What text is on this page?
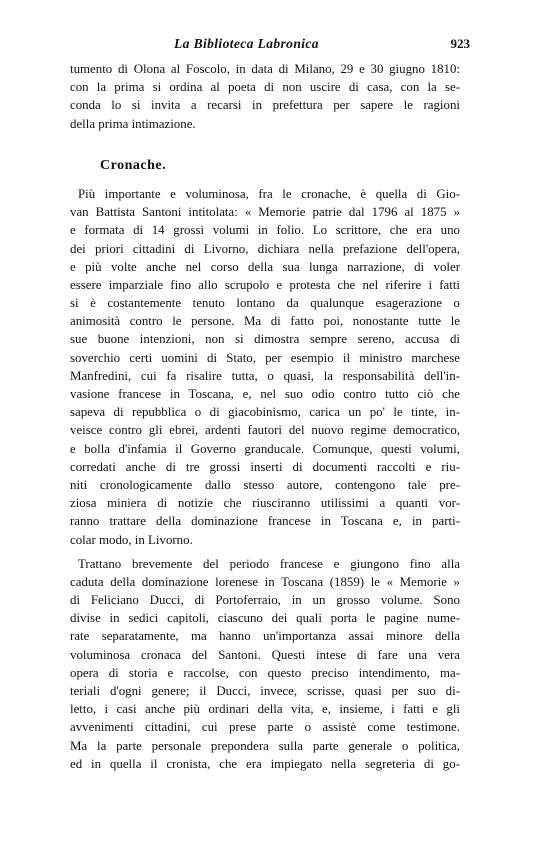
La Biblioteca Labronica	923
tumento di Olona al Foscolo, in data di Milano, 29 e 30 giugno 1810:
con la prima si ordina al poeta di non uscire di casa, con la se-
conda lo si invita a recarsi in prefettura per sapere le ragioni
della prima intimazione.
Cronache.
Più importante e voluminosa, fra le cronache, è quella di Gio-
van Battista Santoni intitolata: « Memorie patrie dal 1796 al 1875 »
e formata di 14 grossi volumi in folio. Lo scrittore, che era uno
dei priori cittadini di Livorno, dichiara nella prefazione dell'opera,
e più volte anche nel corso della sua lunga narrazione, di voler
essere imparziale fino allo scrupolo e protesta che nel riferire i fatti
si è costantemente tenuto lontano da qualunque esagerazione o
animosità contro le persone. Ma di fatto poi, nonostante tutte le
sue buone intenzioni, non si dimostra sempre sereno, accusa di
soverchio certi uomini di Stato, per esempio il ministro marchese
Manfredini, cui fa risalire tutta, o quasi, la responsabilità dell'in-
vasione francese in Toscana, e, nel suo odio contro tutto ciò che
sapeva di repubblica o di giacobinismo, carica un po' le tinte, in-
veisce contro gli ebrei, ardenti fautori del nuovo regime democratico,
e bolla d'infamia il Governo granducale. Comunque, questi volumi,
corredati anche di tre grossi inserti di documenti raccolti e riu-
niti cronologicamente dallo stesso autore, contengono tale pre-
ziosa miniera di notizie che riusciranno utilissimi a quanti vor-
ranno trattare della dominazione francese in Toscana e, in parti-
colar modo, in Livorno.
Trattano brevemente del periodo francese e giungono fino alla
caduta della dominazione lorenese in Toscana (1859) le « Memorie »
di Feliciano Ducci, di Portoferraio, in un grosso volume. Sono
divise in sedici capitoli, ciascuno dei quali porta le pagine nume-
rate separatamente, ma hanno un'importanza assai minore della
voluminosa cronaca del Santoni. Questi intese di fare una vera
opera di storia e raccolse, con questo preciso intendimento, ma-
teriali d'ogni genere; il Ducci, invece, scrisse, quasi per suo di-
letto, i casi anche più ordinari della vita, e, insieme, i fatti e gli
avvenimenti cittadini, cui prese parte o assistè come testimone.
Ma la parte personale prepondera sulla parte generale o politica,
ed in quella il cronista, che era impiegato nella segreteria di go-
